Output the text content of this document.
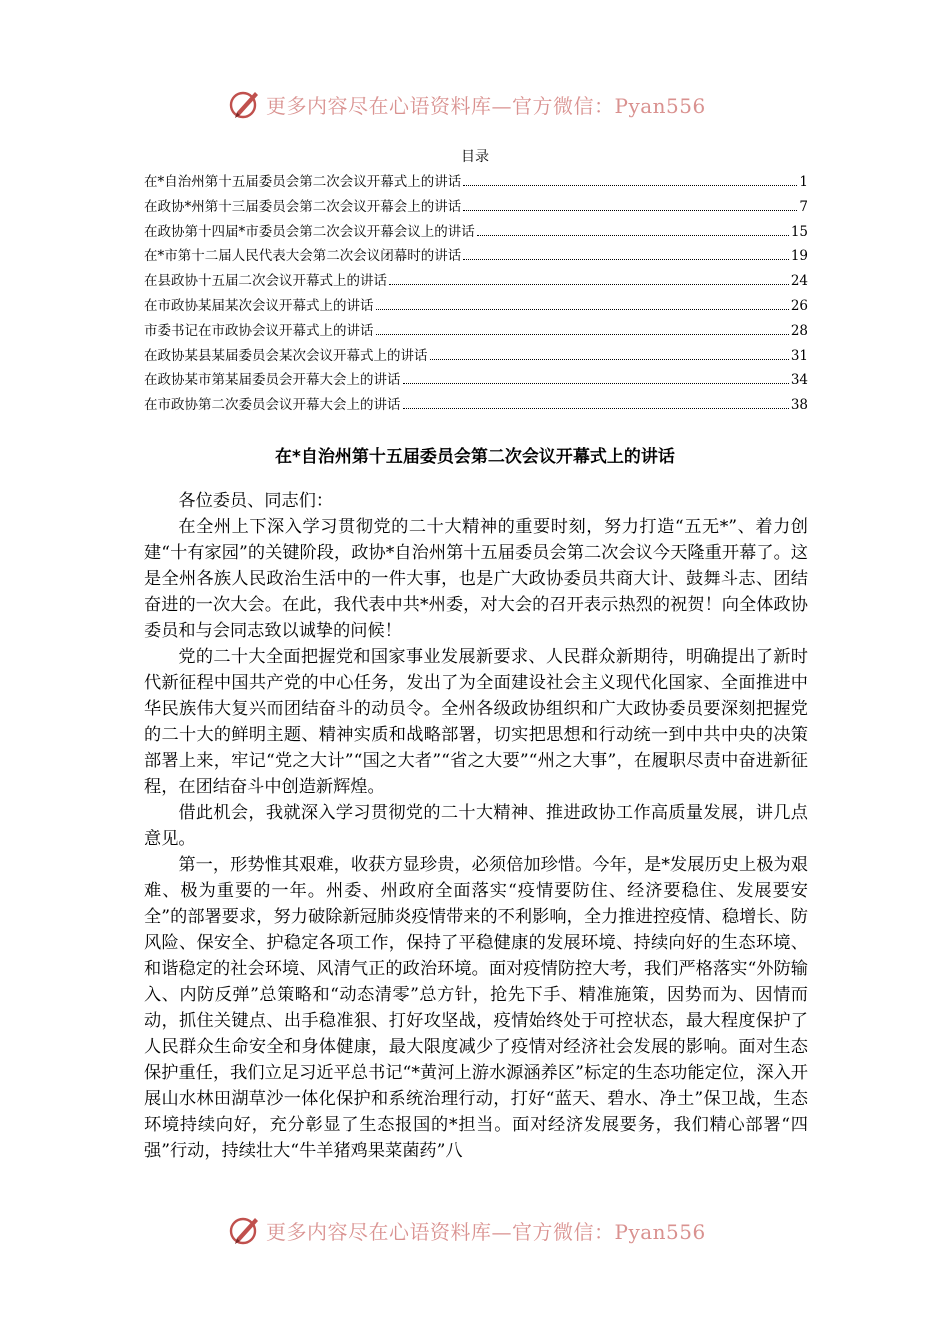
更多内容尽在心语资料库—官方微信：Pyan556
目录
在*自治州第十五届委员会第二次会议开幕式上的讲话	1
在政协*州第十三届委员会第二次会议开幕会上的讲话	7
在政协第十四届*市委员会第二次会议开幕会议上的讲话	15
在*市第十二届人民代表大会第二次会议闭幕时的讲话	19
在县政协十五届二次会议开幕式上的讲话	24
在市政协某届某次会议开幕式上的讲话	26
市委书记在市政协会议开幕式上的讲话	28
在政协某县某届委员会某次会议开幕式上的讲话	31
在政协某市第某届委员会开幕大会上的讲话	34
在市政协第二次委员会议开幕大会上的讲话	38
在*自治州第十五届委员会第二次会议开幕式上的讲话

各位委员、同志们：

在全州上下深入学习贯彻党的二十大精神的重要时刻，努力打造“五无*”、着力创建“十有家园”的关键阶段，政协*自治州第十五届委员会第二次会议今天隆重开幕了。这是全州各族人民政治生活中的一件大事，也是广大政协委员共商大计、鼓舞斗志、团结奋进的一次大会。在此，我代表中共*州委，对大会的召开表示热烈的祝贺！向全体政协委员和与会同志致以诚挚的问候！

党的二十大全面把握党和国家事业发展新要求、人民群众新期待，明确提出了新时代新征程中国共产党的中心任务，发出了为全面建设社会主义现代化国家、全面推进中华民族伟大复兴而团结奋斗的动员令。全州各级政协组织和广大政协委员要深刻把握党的二十大的鲜明主题、精神实质和战略部署，切实把思想和行动统一到中共中央的决策部署上来，牢记“党之大计”“国之大者”“省之大要”“州之大事”，在履职尽责中奋进新征程，在团结奋斗中创造新辉煌。

借此机会，我就深入学习贯彻党的二十大精神、推进政协工作高质量发展，讲几点意见。

第一，形势惟其艰难，收获方显珍贵，必须倍加珍惜。今年，是*发展历史上极为艰难、极为重要的一年。州委、州政府全面落实“疫情要防住、经济要稳住、发展要安全”的部署要求，努力破除新冠肺炎疫情带来的不利影响，全力推进控疫情、稳增长、防风险、保安全、护稳定各项工作，保持了平稳健康的发展环境、持续向好的生态环境、和谐稳定的社会环境、风清气正的政治环境。面对疫情防控大考，我们严格落实“外防输入、内防反弹”总策略和“动态清零”总方针，抢先下手、精准施策，因势而为、因情而动，抓住关键点、出手稳准狠、打好攻坚战，疫情始终处于可控状态，最大程度保护了人民群众生命安全和身体健康，最大限度减少了疫情对经济社会发展的影响。面对生态保护重任，我们立足习近平总书记“*黄河上游水源涵养区”标定的生态功能定位，深入开展山水林田湖草沙一体化保护和系统治理行动，打好“蓝天、碧水、净土”保卫战，生态环境持续向好，充分彰显了生态报国的*担当。面对经济发展要务，我们精心部署“四强”行动，持续壮大“牛羊猪鸡果菜菌药”八

更多内容尽在心语资料库—官方微信：Pyan556
